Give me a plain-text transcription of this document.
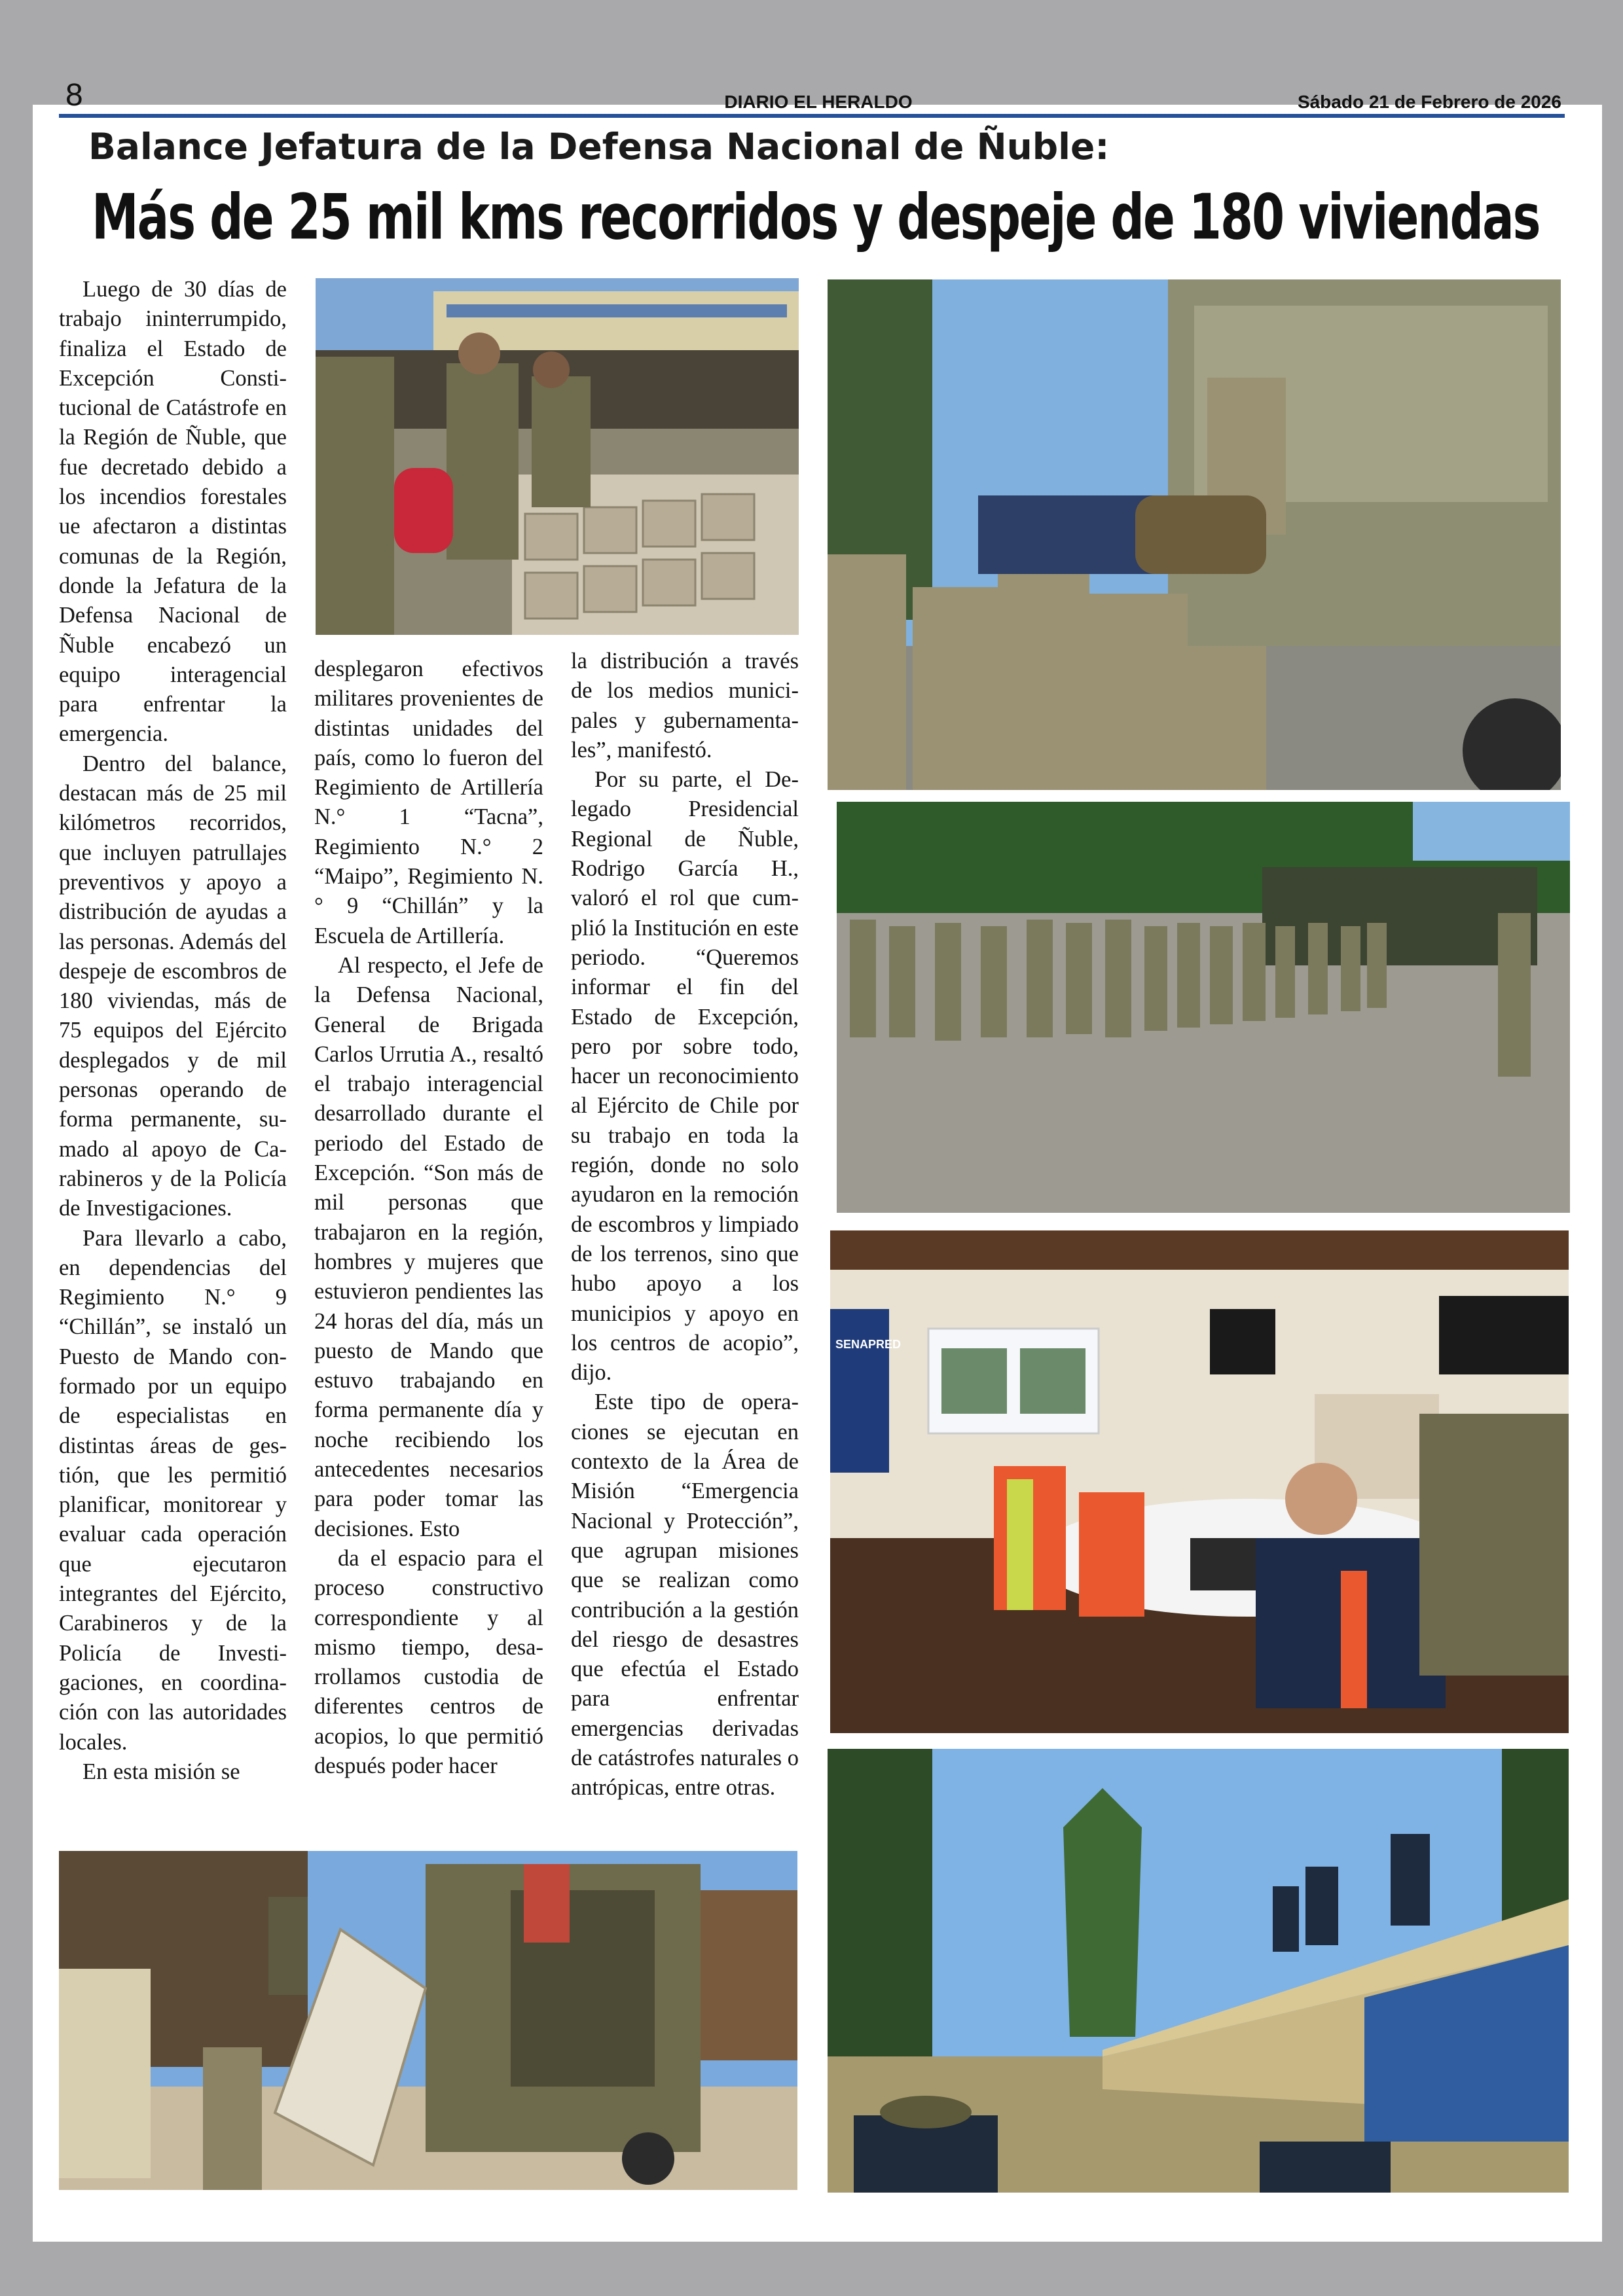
8	DIARIO EL HERALDO	Sábado 21 de Febrero de 2026
Balance Jefatura de la Defensa Nacional de Ñuble:
Más de 25 mil kms recorridos y despeje de 180 viviendas

Luego de 30 días de trabajo ininterrumpido, finaliza el Estado de Excepción Constitucional de Catástrofe en la Región de Ñuble, que fue decretado debido a los incendios forestales ue afectaron a distintas comunas de la Región, donde la Jefatura de la Defensa Nacional de Ñuble encabezó un equipo interagencial para enfrentar la emergencia.

Dentro del balance, destacan más de 25 mil kilómetros recorridos, que incluyen patrullajes preventivos y apoyo a distribución de ayudas a las personas. Además del despeje de escombros de 180 viviendas, más de 75 equipos del Ejército desplegados y de mil personas operando de forma permanente, sumado al apoyo de Carabineros y de la Policía de Investigaciones.

Para llevarlo a cabo, en dependencias del Regimiento N.° 9 “Chillán”, se instaló un Puesto de Mando conformado por un equipo de especialistas en distintas áreas de gestión, que les permitió planificar, monitorear y evaluar cada operación que ejecutaron integrantes del Ejército, Carabineros y de la Policía de Investigaciones, en coordinación con las autoridades locales.

En esta misión se

desplegaron efectivos militares provenientes de distintas unidades del país, como lo fueron del Regimiento de Artillería N.° 1 “Tacna”, Regimiento N.° 2 “Maipo”, Regimiento N.° 9 “Chillán” y la Escuela de Artillería.

Al respecto, el Jefe de la Defensa Nacional, General de Brigada Carlos Urrutia A., resaltó el trabajo interagencial desarrollado durante el periodo del Estado de Excepción. “Son más de mil personas que trabajaron en la región, hombres y mujeres que estuvieron pendientes las 24 horas del día, más un puesto de Mando que estuvo trabajando en forma permanente día y noche recibiendo los antecedentes necesarios para poder tomar las decisiones. Esto

da el espacio para el proceso constructivo correspondiente y al mismo tiempo, desarrollamos custodia de diferentes centros de acopios, lo que permitió después poder hacer

la distribución a través de los medios municipales y gubernamentales”, manifestó.

Por su parte, el Delegado Presidencial Regional de Ñuble, Rodrigo García H., valoró el rol que cumplió la Institución en este periodo. “Queremos informar el fin del Estado de Excepción, pero por sobre todo, hacer un reconocimiento al Ejército de Chile por su trabajo en toda la región, donde no solo ayudaron en la remoción de escombros y limpiado de los terrenos, sino que hubo apoyo a los municipios y apoyo en los centros de acopio”, dijo.

Este tipo de operaciones se ejecutan en contexto de la Área de Misión “Emergencia Nacional y Protección”, que agrupan misiones que se realizan como contribución a la gestión del riesgo de desastres que efectúa el Estado para enfrentar emergencias derivadas de catástrofes naturales o antrópicas, entre otras.

SENAPRED
